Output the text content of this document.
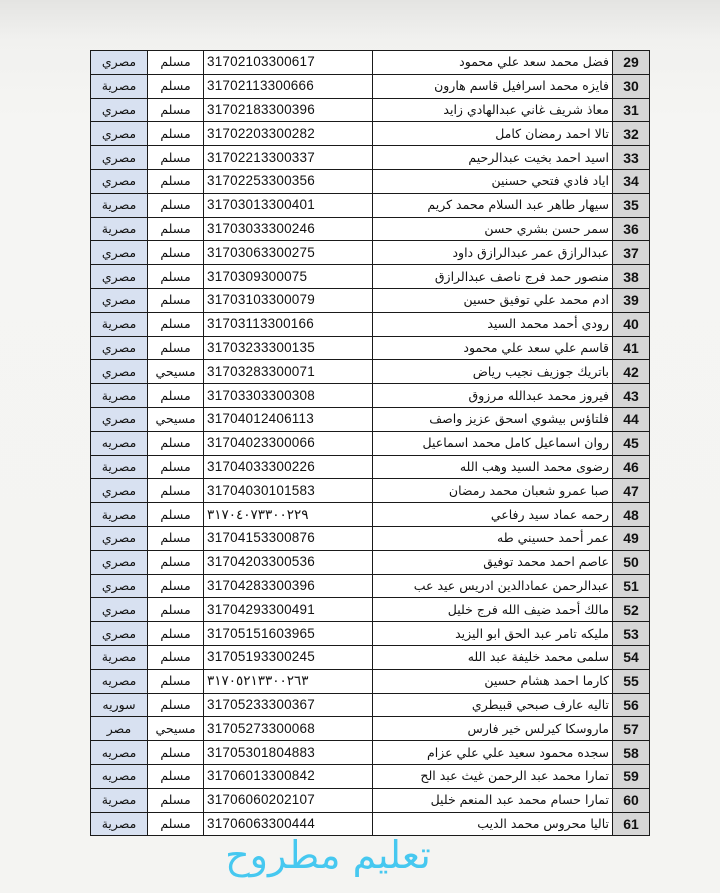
مصري	مسلم	31702103300617	فضل محمد سعد علي محمود	29
مصرية	مسلم	31702113300666	فايزه محمد اسرافيل قاسم هارون	30
مصري	مسلم	31702183300396	معاذ شريف غاني عبدالهادي زايد	31
مصري	مسلم	31702203300282	تالا احمد رمضان كامل	32
مصري	مسلم	31702213300337	اسيد احمد بخيت عبدالرحيم	33
مصري	مسلم	31702253300356	اياد فادي فتحي حسنين	34
مصرية	مسلم	31703013300401	سيهار طاهر عبد السلام محمد كريم	35
مصرية	مسلم	31703033300246	سمر حسن بشري حسن	36
مصري	مسلم	31703063300275	عبدالرازق عمر عبدالرازق داود	37
مصري	مسلم	3170309300075	منصور حمد فرج ناصف عبدالرازق	38
مصري	مسلم	31703103300079	ادم محمد علي توفيق حسين	39
مصرية	مسلم	31703113300166	رودي أحمد محمد السيد	40
مصري	مسلم	31703233300135	قاسم علي سعد علي محمود	41
مصري	مسيحي	31703283300071	باتريك جوزيف نجيب رياض	42
مصرية	مسلم	31703303300308	فيروز محمد عبدالله مرزوق	43
مصري	مسيحي	31704012406113	فلتاؤس بيشوي اسحق عزيز واصف	44
مصريه	مسلم	31704023300066	روان اسماعيل كامل محمد اسماعيل	45
مصرية	مسلم	31704033300226	رضوى محمد السيد وهب الله	46
مصري	مسلم	31704030101583	صبا عمرو شعبان محمد رمضان	47
مصرية	مسلم	٣١٧٠٤٠٧٣٣٠٠٢٢٩	رحمه عماد سيد رفاعي	48
مصري	مسلم	31704153300876	عمر أحمد حسيني طه	49
مصري	مسلم	31704203300536	عاصم احمد محمد توفيق	50
مصري	مسلم	31704283300396	عبدالرحمن عمادالدين ادريس عيد عب	51
مصري	مسلم	31704293300491	مالك أحمد ضيف الله فرج خليل	52
مصري	مسلم	31705151603965	مليكه تامر عبد الحق ابو اليزيد	53
مصرية	مسلم	31705193300245	سلمى محمد خليفة عبد الله	54
مصريه	مسلم	٣١٧٠٥٢١٣٣٠٠٢٦٣	كارما احمد هشام حسين	55
سوريه	مسلم	31705233300367	تاليه عارف صبحي قبيطري	56
مصر	مسيحي	31705273300068	ماروسكا كيرلس خير فارس	57
مصريه	مسلم	31705301804883	سجده محمود سعيد علي علي عزام	58
مصريه	مسلم	31706013300842	تمارا محمد عبد الرحمن غيث عبد الح	59
مصرية	مسلم	31706060202107	تمارا حسام محمد عبد المنعم خليل	60
مصرية	مسلم	31706063300444	تاليا محروس محمد الديب	61
تعليم مطروح
